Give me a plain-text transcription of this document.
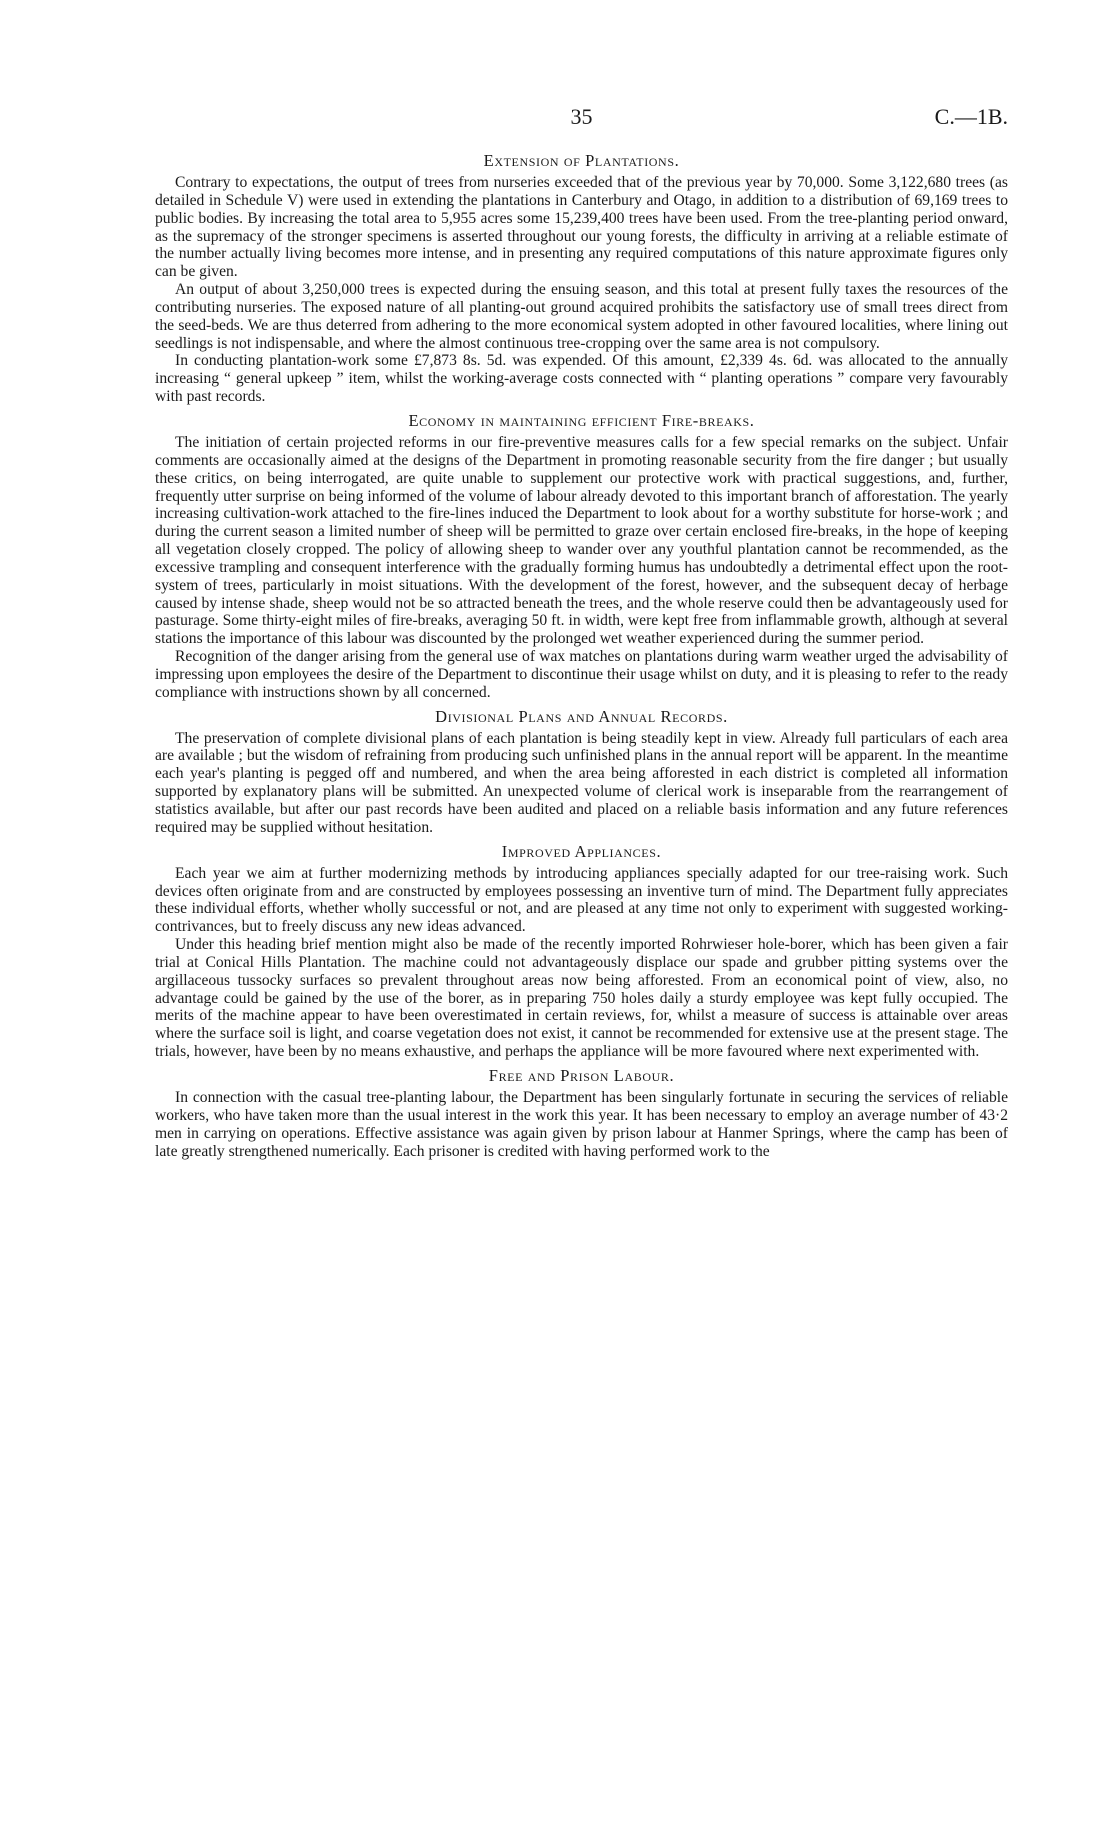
35	C.—1B.
Extension of Plantations.

Contrary to expectations, the output of trees from nurseries exceeded that of the previous year by 70,000. Some 3,122,680 trees (as detailed in Schedule V) were used in extending the plantations in Canterbury and Otago, in addition to a distribution of 69,169 trees to public bodies. By increasing the total area to 5,955 acres some 15,239,400 trees have been used. From the tree-planting period onward, as the supremacy of the stronger specimens is asserted throughout our young forests, the difficulty in arriving at a reliable estimate of the number actually living becomes more intense, and in presenting any required computations of this nature approximate figures only can be given.

An output of about 3,250,000 trees is expected during the ensuing season, and this total at present fully taxes the resources of the contributing nurseries. The exposed nature of all planting-out ground acquired prohibits the satisfactory use of small trees direct from the seed-beds. We are thus deterred from adhering to the more economical system adopted in other favoured localities, where lining out seedlings is not indispensable, and where the almost continuous tree-cropping over the same area is not compulsory.

In conducting plantation-work some £7,873 8s. 5d. was expended. Of this amount, £2,339 4s. 6d. was allocated to the annually increasing “ general upkeep ” item, whilst the working-average costs connected with “ planting operations ” compare very favourably with past records.

Economy in maintaining efficient Fire-breaks.

The initiation of certain projected reforms in our fire-preventive measures calls for a few special remarks on the subject. Unfair comments are occasionally aimed at the designs of the Department in promoting reasonable security from the fire danger ; but usually these critics, on being interrogated, are quite unable to supplement our protective work with practical suggestions, and, further, frequently utter surprise on being informed of the volume of labour already devoted to this important branch of afforestation. The yearly increasing cultivation-work attached to the fire-lines induced the Department to look about for a worthy substitute for horse-work ; and during the current season a limited number of sheep will be permitted to graze over certain enclosed fire-breaks, in the hope of keeping all vegetation closely cropped. The policy of allowing sheep to wander over any youthful plantation cannot be recommended, as the excessive trampling and consequent interference with the gradually forming humus has undoubtedly a detrimental effect upon the root-system of trees, particularly in moist situations. With the development of the forest, however, and the subsequent decay of herbage caused by intense shade, sheep would not be so attracted beneath the trees, and the whole reserve could then be advantageously used for pasturage. Some thirty-eight miles of fire-breaks, averaging 50 ft. in width, were kept free from inflammable growth, although at several stations the importance of this labour was discounted by the prolonged wet weather experienced during the summer period.

Recognition of the danger arising from the general use of wax matches on plantations during warm weather urged the advisability of impressing upon employees the desire of the Department to discontinue their usage whilst on duty, and it is pleasing to refer to the ready compliance with instructions shown by all concerned.

Divisional Plans and Annual Records.

The preservation of complete divisional plans of each plantation is being steadily kept in view. Already full particulars of each area are available ; but the wisdom of refraining from producing such unfinished plans in the annual report will be apparent. In the meantime each year's planting is pegged off and numbered, and when the area being afforested in each district is completed all information supported by explanatory plans will be submitted. An unexpected volume of clerical work is inseparable from the rearrangement of statistics available, but after our past records have been audited and placed on a reliable basis information and any future references required may be supplied without hesitation.

Improved Appliances.

Each year we aim at further modernizing methods by introducing appliances specially adapted for our tree-raising work. Such devices often originate from and are constructed by employees possessing an inventive turn of mind. The Department fully appreciates these individual efforts, whether wholly successful or not, and are pleased at any time not only to experiment with suggested working-contrivances, but to freely discuss any new ideas advanced.

Under this heading brief mention might also be made of the recently imported Rohrwieser hole-borer, which has been given a fair trial at Conical Hills Plantation. The machine could not advantageously displace our spade and grubber pitting systems over the argillaceous tussocky surfaces so prevalent throughout areas now being afforested. From an economical point of view, also, no advantage could be gained by the use of the borer, as in preparing 750 holes daily a sturdy employee was kept fully occupied. The merits of the machine appear to have been overestimated in certain reviews, for, whilst a measure of success is attainable over areas where the surface soil is light, and coarse vegetation does not exist, it cannot be recommended for extensive use at the present stage. The trials, however, have been by no means exhaustive, and perhaps the appliance will be more favoured where next experimented with.

Free and Prison Labour.

In connection with the casual tree-planting labour, the Department has been singularly fortunate in securing the services of reliable workers, who have taken more than the usual interest in the work this year. It has been necessary to employ an average number of 43·2 men in carrying on operations. Effective assistance was again given by prison labour at Hanmer Springs, where the camp has been of late greatly strengthened numerically. Each prisoner is credited with having performed work to the
